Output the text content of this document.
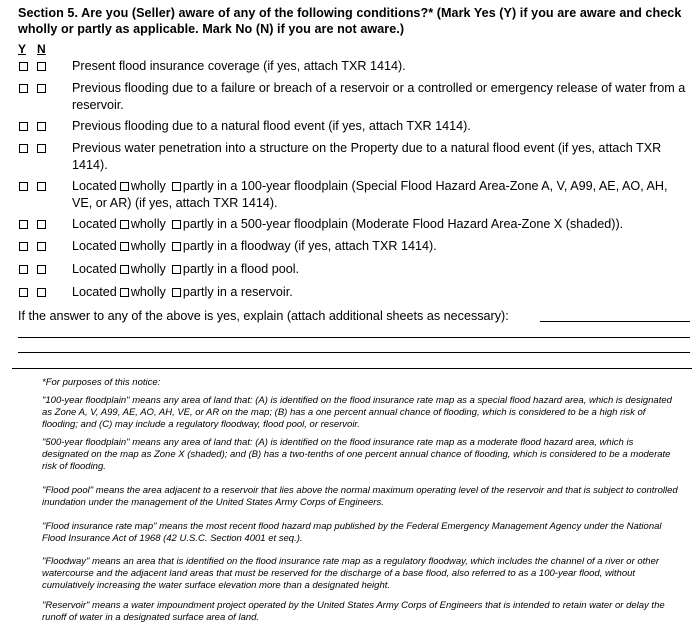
Section 5. Are you (Seller) aware of any of the following conditions?* (Mark Yes (Y) if you are aware and check wholly or partly as applicable. Mark No (N) if you are not aware.)
Y N
Present flood insurance coverage (if yes, attach TXR 1414).
Previous flooding due to a failure or breach of a reservoir or a controlled or emergency release of water from a reservoir.
Previous flooding due to a natural flood event (if yes, attach TXR 1414).
Previous water penetration into a structure on the Property due to a natural flood event (if yes, attach TXR 1414).
Located wholly partly in a 100-year floodplain (Special Flood Hazard Area-Zone A, V, A99, AE, AO, AH, VE, or AR) (if yes, attach TXR 1414).
Located wholly partly in a 500-year floodplain (Moderate Flood Hazard Area-Zone X (shaded)).
Located wholly partly in a floodway (if yes, attach TXR 1414).
Located wholly partly in a flood pool.
Located wholly partly in a reservoir.
If the answer to any of the above is yes, explain (attach additional sheets as necessary):
*For purposes of this notice:
"100-year floodplain" means any area of land that: (A) is identified on the flood insurance rate map as a special flood hazard area, which is designated as Zone A, V, A99, AE, AO, AH, VE, or AR on the map; (B) has a one percent annual chance of flooding, which is considered to be a high risk of flooding; and (C) may include a regulatory floodway, flood pool, or reservoir.
"500-year floodplain" means any area of land that: (A) is identified on the flood insurance rate map as a moderate flood hazard area, which is designated on the map as Zone X (shaded); and (B) has a two-tenths of one percent annual chance of flooding, which is considered to be a moderate risk of flooding.
"Flood pool" means the area adjacent to a reservoir that lies above the normal maximum operating level of the reservoir and that is subject to controlled inundation under the management of the United States Army Corps of Engineers.
"Flood insurance rate map" means the most recent flood hazard map published by the Federal Emergency Management Agency under the National Flood Insurance Act of 1968 (42 U.S.C. Section 4001 et seq.).
"Floodway" means an area that is identified on the flood insurance rate map as a regulatory floodway, which includes the channel of a river or other watercourse and the adjacent land areas that must be reserved for the discharge of a base flood, also referred to as a 100-year flood, without cumulatively increasing the water surface elevation more than a designated height.
"Reservoir" means a water impoundment project operated by the United States Army Corps of Engineers that is intended to retain water or delay the runoff of water in a designated surface area of land.
